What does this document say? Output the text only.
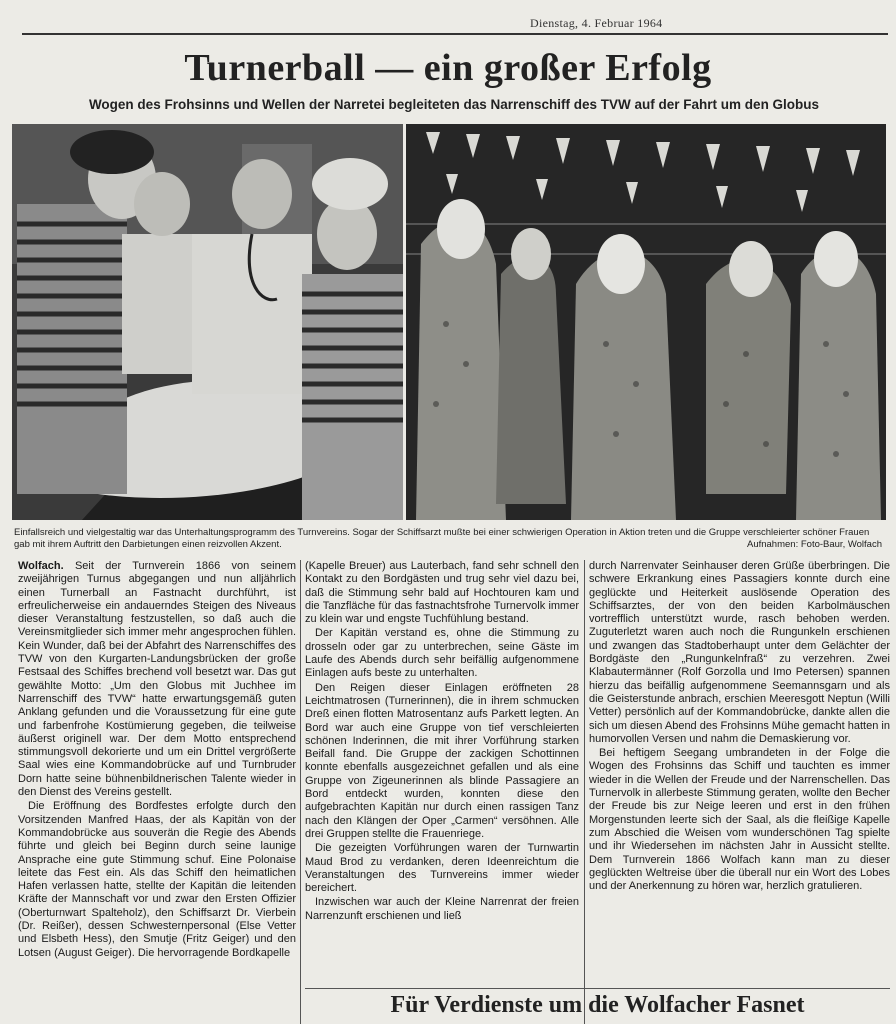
Dienstag, 4. Februar 1964
Turnerball — ein großer Erfolg
Wogen des Frohsinns und Wellen der Narretei begleiteten das Narrenschiff des TVW auf der Fahrt um den Globus
Einfallsreich und vielgestaltig war das Unterhaltungsprogramm des Turnvereins. Sogar der Schiffsarzt mußte bei einer schwierigen Operation in Aktion treten und die Gruppe verschleierter schöner Frauen gab mit ihrem Auftritt den Darbietungen einen reizvollen Akzent.	Aufnahmen: Foto-Baur, Wolfach

Wolfach. Seit der Turnverein 1866 von seinem zweijährigen Turnus abgegangen und nun alljährlich einen Turnerball an Fastnacht durchführt, ist erfreulicherweise ein andauerndes Steigen des Niveaus dieser Veranstaltung festzustellen, so daß auch die Vereinsmitglieder sich immer mehr angesprochen fühlen. Kein Wunder, daß bei der Abfahrt des Narrenschiffes des TVW von den Kurgarten-Landungsbrücken der große Festsaal des Schiffes brechend voll besetzt war. Das gut gewählte Motto: „Um den Globus mit Juchhee im Narrenschiff des TVW“ hatte erwartungsgemäß guten Anklang gefunden und die Voraussetzung für eine gute und farbenfrohe Kostümierung gegeben, die teilweise äußerst originell war. Der dem Motto entsprechend stimmungsvoll dekorierte und um ein Drittel vergrößerte Saal wies eine Kommandobrücke auf und Turnbruder Dorn hatte seine bühnenbildnerischen Talente wieder in den Dienst des Vereins gestellt.

Die Eröffnung des Bordfestes erfolgte durch den Vorsitzenden Manfred Haas, der als Kapitän von der Kommandobrücke aus souverän die Regie des Abends führte und gleich bei Beginn durch seine launige Ansprache eine gute Stimmung schuf. Eine Polonaise leitete das Fest ein. Als das Schiff den heimatlichen Hafen verlassen hatte, stellte der Kapitän die leitenden Kräfte der Mannschaft vor und zwar den Ersten Offizier (Oberturnwart Spalteholz), den Schiffsarzt Dr. Vierbein (Dr. Reißer), dessen Schwesternpersonal (Else Vetter und Elsbeth Hess), den Smutje (Fritz Geiger) und den Lotsen (August Geiger). Die hervorragende Bordkapelle

(Kapelle Breuer) aus Lauterbach, fand sehr schnell den Kontakt zu den Bordgästen und trug sehr viel dazu bei, daß die Stimmung sehr bald auf Hochtouren kam und die Tanzfläche für das fastnachtsfrohe Turnervolk immer zu klein war und engste Tuchfühlung bestand.

Der Kapitän verstand es, ohne die Stimmung zu drosseln oder gar zu unterbrechen, seine Gäste im Laufe des Abends durch sehr beifällig aufgenommene Einlagen aufs beste zu unterhalten.

Den Reigen dieser Einlagen eröffneten 28 Leichtmatrosen (Turnerinnen), die in ihrem schmucken Dreß einen flotten Matrosentanz aufs Parkett legten. An Bord war auch eine Gruppe von tief verschleierten schönen Inderinnen, die mit ihrer Vorführung starken Beifall fand. Die Gruppe der zackigen Schottinnen konnte ebenfalls ausgezeichnet gefallen und als eine Gruppe von Zigeunerinnen als blinde Passagiere an Bord entdeckt wurden, konnten diese den aufgebrachten Kapitän nur durch einen rassigen Tanz nach den Klängen der Oper „Carmen“ versöhnen. Alle drei Gruppen stellte die Frauenriege.

Die gezeigten Vorführungen waren der Turnwartin Maud Brod zu verdanken, deren Ideenreichtum die Veranstaltungen des Turnvereins immer wieder bereichert.

Inzwischen war auch der Kleine Narrenrat der freien Narrenzunft erschienen und ließ

durch Narrenvater Seinhauser deren Grüße überbringen. Die schwere Erkrankung eines Passagiers konnte durch eine geglückte und Heiterkeit auslösende Operation des Schiffsarztes, der von den beiden Karbolmäuschen vortrefflich unterstützt wurde, rasch behoben werden. Zuguterletzt waren auch noch die Rungunkeln erschienen und zwangen das Stadtoberhaupt unter dem Gelächter der Bordgäste den „Rungunkelnfraß“ zu verzehren. Zwei Klabautermänner (Rolf Gorzolla und Imo Petersen) spannen hierzu das beifällig aufgenommene Seemannsgarn und als die Geisterstunde anbrach, erschien Meeresgott Neptun (Willi Vetter) persönlich auf der Kommandobrücke, dankte allen die sich um diesen Abend des Frohsinns Mühe gemacht hatten in humorvollen Versen und nahm die Demaskierung vor.

Bei heftigem Seegang umbrandeten in der Folge die Wogen des Frohsinns das Schiff und tauchten es immer wieder in die Wellen der Freude und der Narrenschellen. Das Turnervolk in allerbeste Stimmung geraten, wollte den Becher der Freude bis zur Neige leeren und erst in den frühen Morgenstunden leerte sich der Saal, als die fleißige Kapelle zum Abschied die Weisen vom wunderschönen Tag spielte und ihr Wiedersehen im nächsten Jahr in Aussicht stellte. Dem Turnverein 1866 Wolfach kann man zu dieser geglückten Weltreise über die überall nur ein Wort des Lobes und der Anerkennung zu hören war, herzlich gratulieren.

Für Verdienste um die Wolfacher Fasnet
